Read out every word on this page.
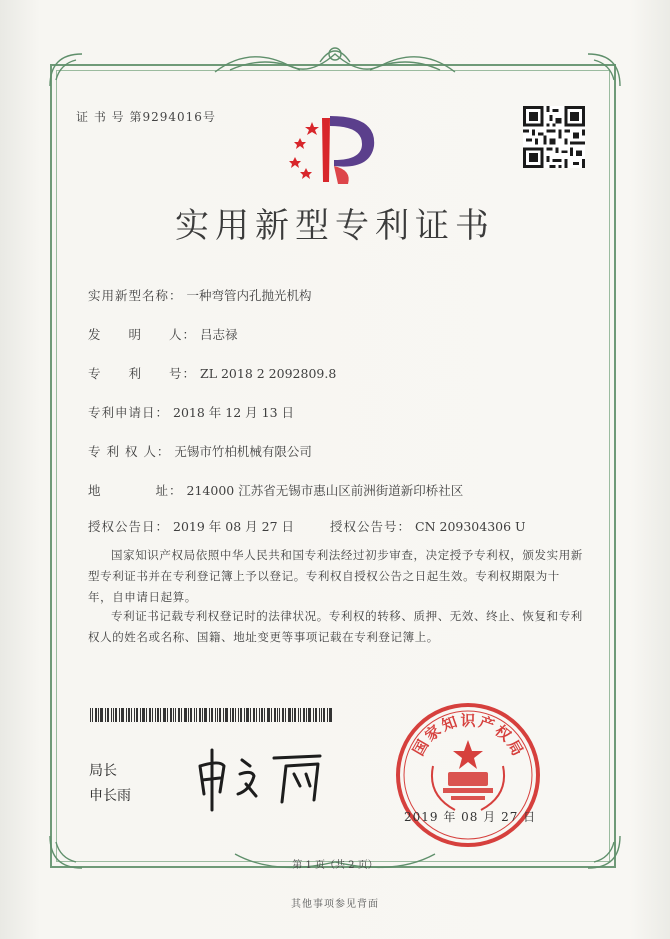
证 书 号 第9294016号
实用新型专利证书
实用新型名称： 一种弯管内孔抛光机构
发　　明　　人： 吕志禄
专　　利　　号： ZL 2018 2 2092809.8
专利申请日： 2018 年 12 月 13 日
专 利 权 人： 无锡市竹柏机械有限公司
地　　　　址： 214000 江苏省无锡市惠山区前洲街道新印桥社区
授权公告日： 2019 年 08 月 27 日	授权公告号： CN 209304306 U
国家知识产权局依照中华人民共和国专利法经过初步审查，决定授予专利权，颁发实用新型专利证书并在专利登记簿上予以登记。专利权自授权公告之日起生效。专利权期限为十年，自申请日起算。
专利证书记载专利权登记时的法律状况。专利权的转移、质押、无效、终止、恢复和专利权人的姓名或名称、国籍、地址变更等事项记载在专利登记簿上。
局长
申长雨
国
家
知 识 产
权
局
2019 年 08 月 27 日
第 1 页（共 2 页）
其他事项参见背面
